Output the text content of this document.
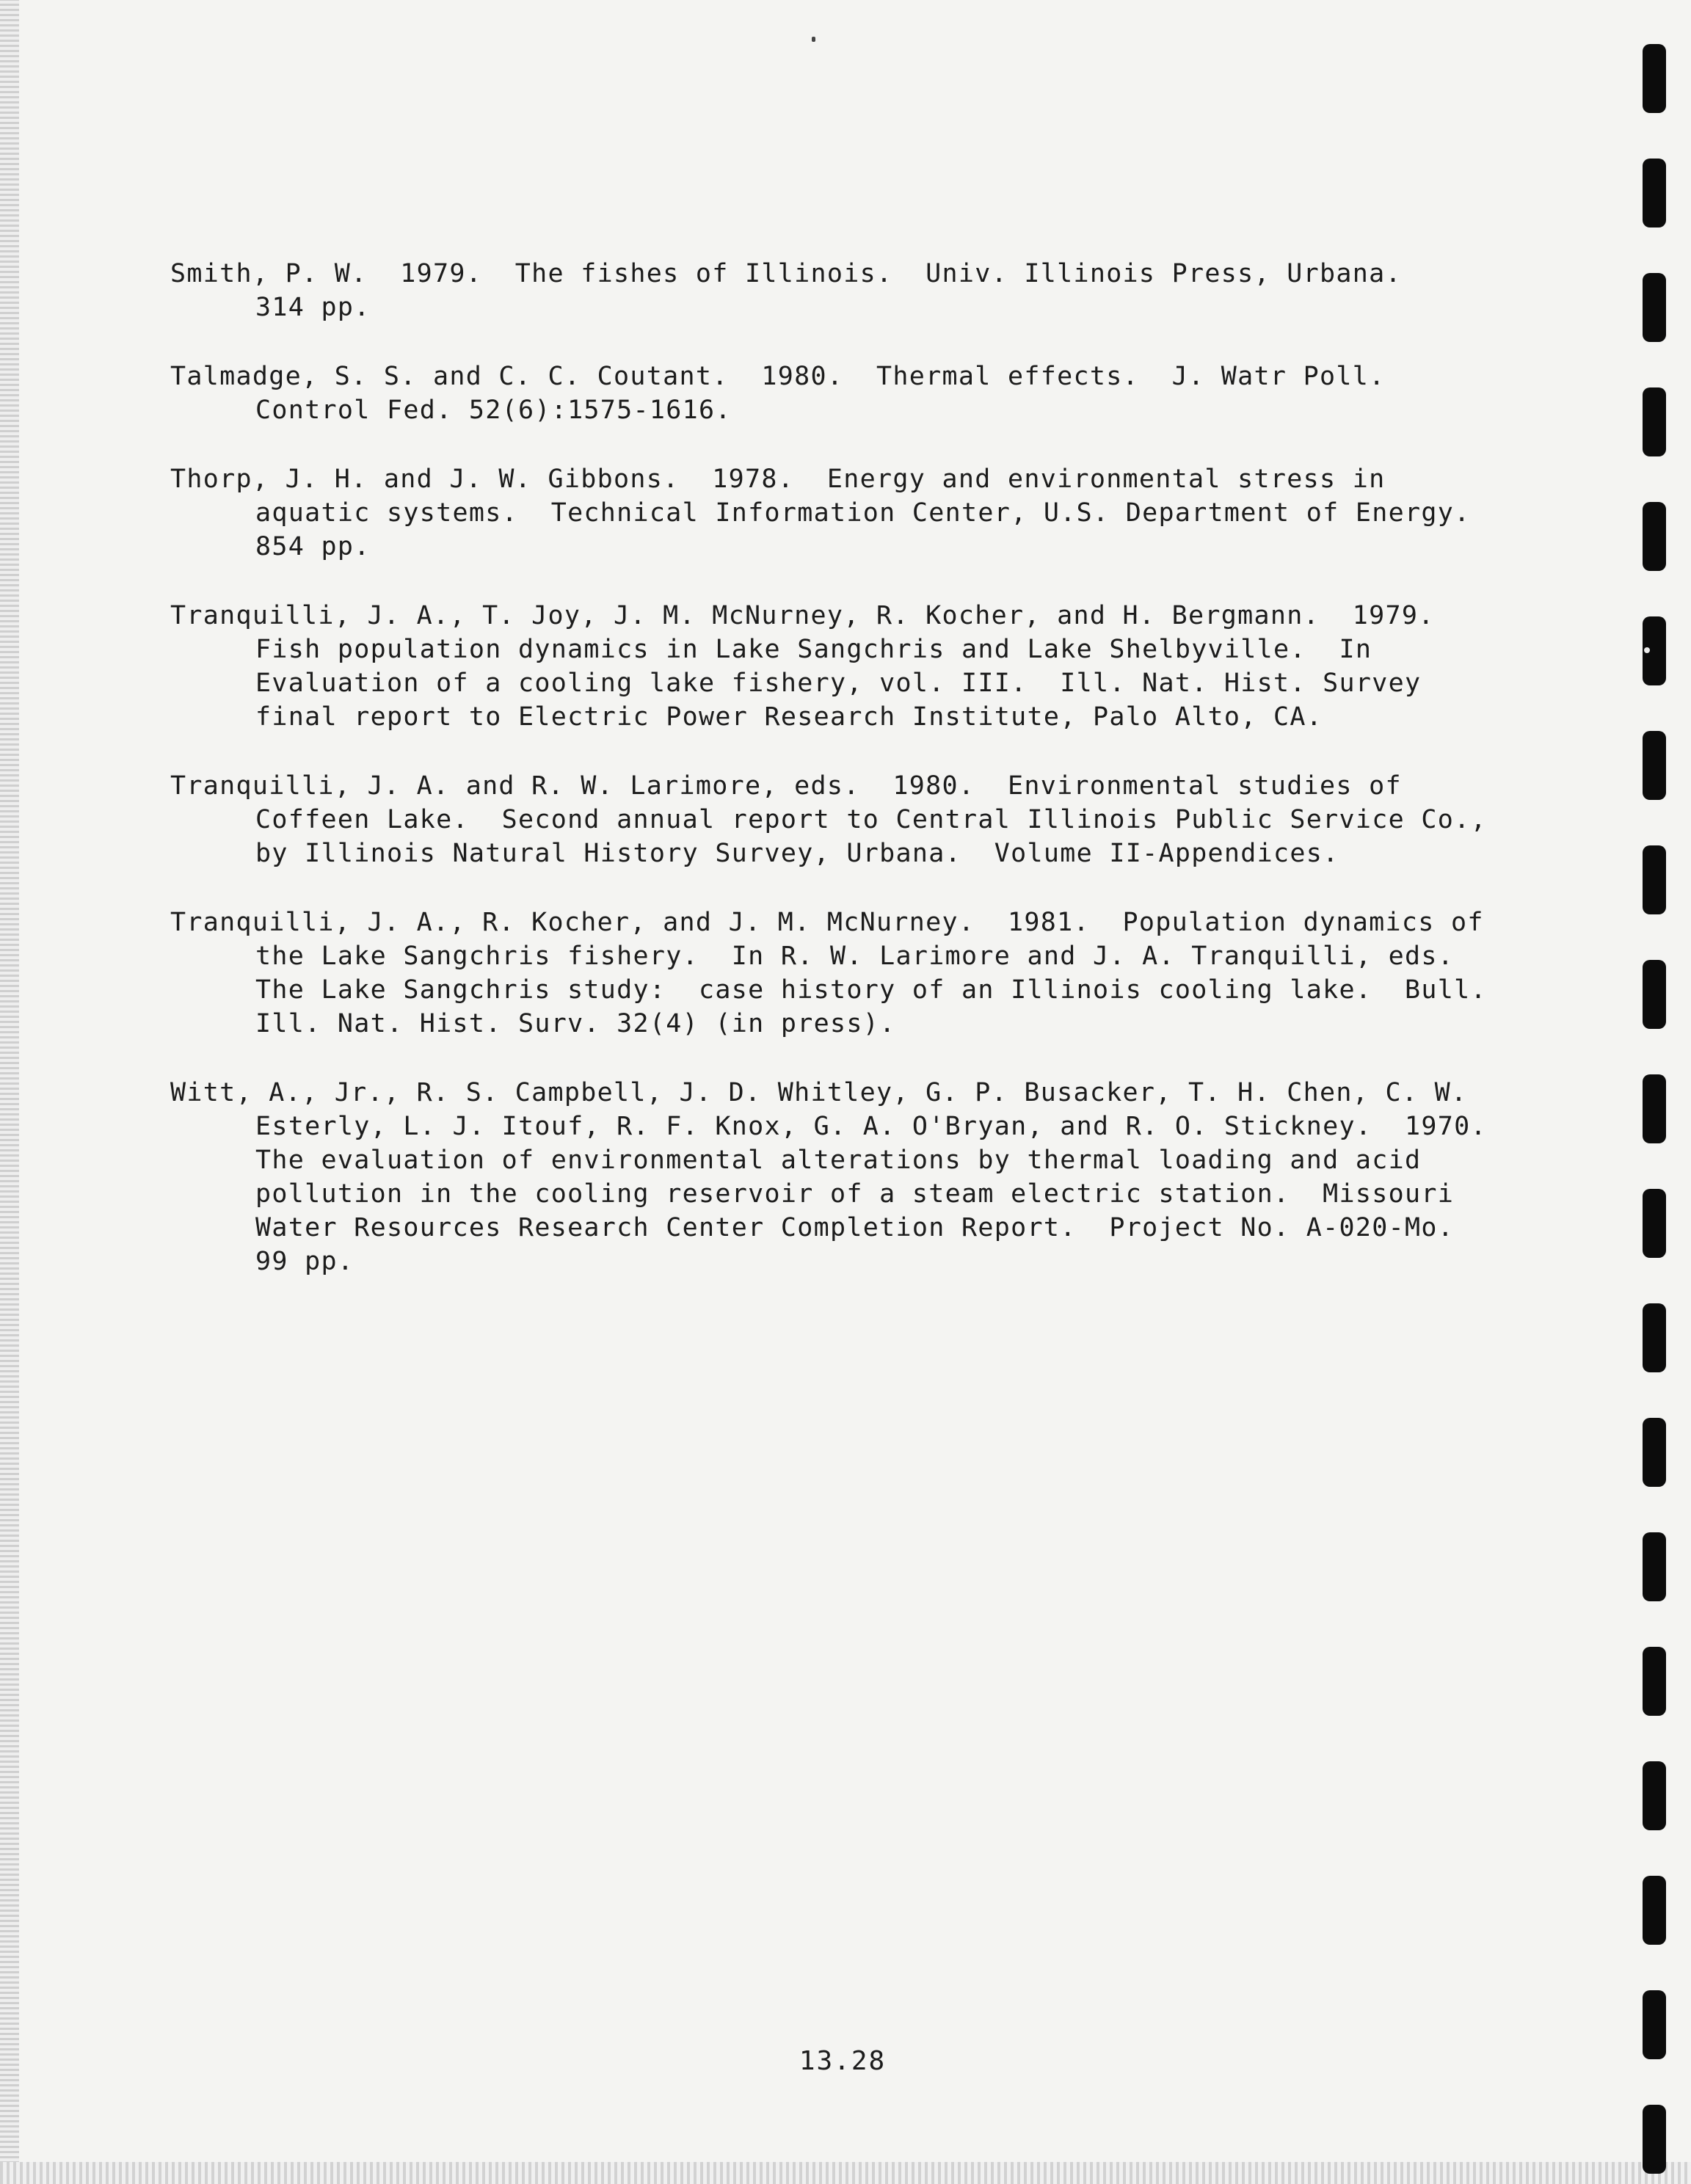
Smith, P. W.  1979.  The fishes of Illinois.  Univ. Illinois Press, Urbana.
314 pp.
Talmadge, S. S. and C. C. Coutant.  1980.  Thermal effects.  J. Watr Poll.
Control Fed. 52(6):1575-1616.
Thorp, J. H. and J. W. Gibbons.  1978.  Energy and environmental stress in
aquatic systems.  Technical Information Center, U.S. Department of Energy.
854 pp.
Tranquilli, J. A., T. Joy, J. M. McNurney, R. Kocher, and H. Bergmann.  1979.
Fish population dynamics in Lake Sangchris and Lake Shelbyville.  In
Evaluation of a cooling lake fishery, vol. III.  Ill. Nat. Hist. Survey
final report to Electric Power Research Institute, Palo Alto, CA.
Tranquilli, J. A. and R. W. Larimore, eds.  1980.  Environmental studies of
Coffeen Lake.  Second annual report to Central Illinois Public Service Co.,
by Illinois Natural History Survey, Urbana.  Volume II-Appendices.
Tranquilli, J. A., R. Kocher, and J. M. McNurney.  1981.  Population dynamics of
the Lake Sangchris fishery.  In R. W. Larimore and J. A. Tranquilli, eds.
The Lake Sangchris study:  case history of an Illinois cooling lake.  Bull.
Ill. Nat. Hist. Surv. 32(4) (in press).
Witt, A., Jr., R. S. Campbell, J. D. Whitley, G. P. Busacker, T. H. Chen, C. W.
Esterly, L. J. Itouf, R. F. Knox, G. A. O'Bryan, and R. O. Stickney.  1970.
The evaluation of environmental alterations by thermal loading and acid
pollution in the cooling reservoir of a steam electric station.  Missouri
Water Resources Research Center Completion Report.  Project No. A-020-Mo.
99 pp.
13.28
